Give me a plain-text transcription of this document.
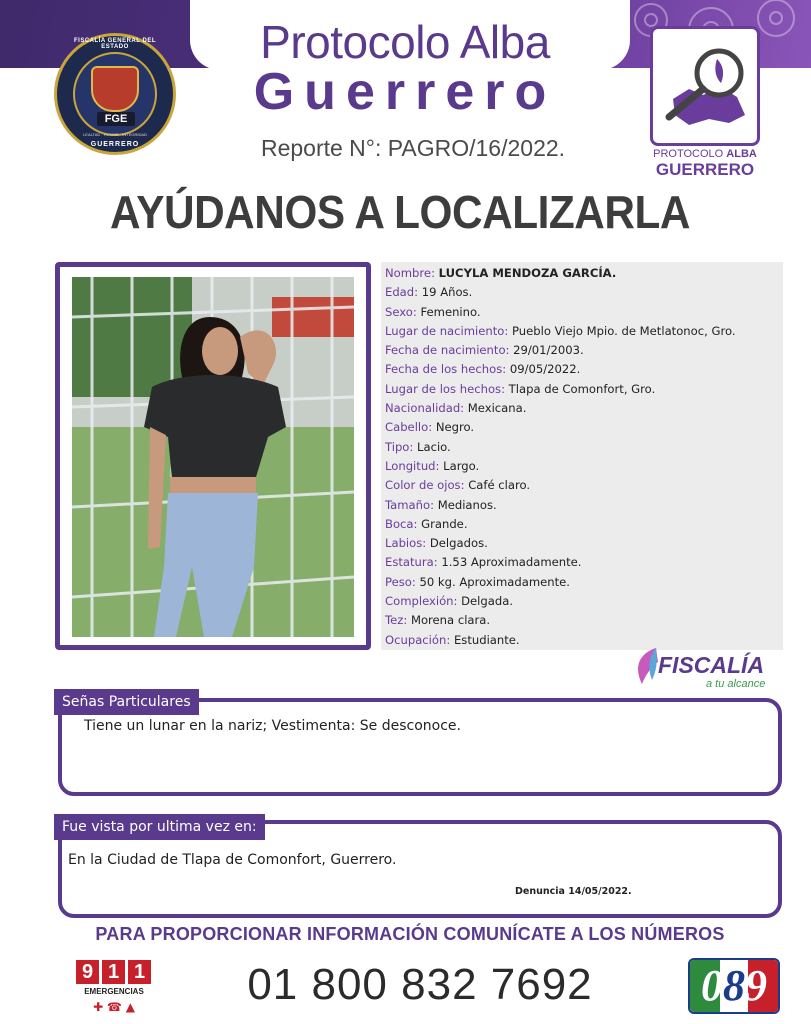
FISCALÍA GENERAL DEL ESTADO
FGE
LEALTAD · HONOR · INTEGRIDAD
GUERRERO
Protocolo Alba
Guerrero
Reporte N°: PAGRO/16/2022.	PROTOCOLO ALBA
GUERRERO
AYÚDANOS A LOCALIZARLA
Nombre: LUCYLA MENDOZA GARCÍA.
Edad: 19 Años.
Sexo: Femenino.
Lugar de nacimiento: Pueblo Viejo Mpio. de Metlatonoc, Gro.
Fecha de nacimiento: 29/01/2003.
Fecha de los hechos: 09/05/2022.
Lugar de los hechos: Tlapa de Comonfort, Gro.
Nacionalidad: Mexicana.
Cabello: Negro.
Tipo: Lacio.
Longitud: Largo.
Color de ojos: Café claro.
Tamaño: Medianos.
Boca: Grande.
Labios: Delgados.
Estatura: 1.53 Aproximadamente.
Peso: 50 kg. Aproximadamente.
Complexión: Delgada.
Tez: Morena clara.
Ocupación: Estudiante.
FISCALÍA
a tu alcance
Señas Particulares
Tiene un lunar en la nariz; Vestimenta: Se desconoce.
Fue vista por ultima vez en:
En la Ciudad de Tlapa de Comonfort, Guerrero.
Denuncia 14/05/2022.
PARA PROPORCIONAR INFORMACIÓN COMUNÍCATE A LOS NÚMEROS
9 1 1
EMERGENCIAS
✚ ☎ ▲	01 800 832 7692	089
